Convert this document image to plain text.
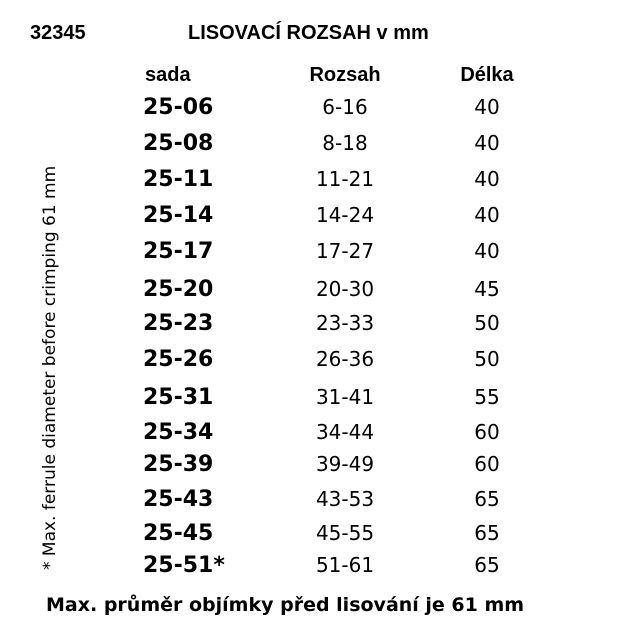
32345	LISOVACÍ ROZSAH v mm
sada	Rozsah	Délka
25-06	6-16	40
25-08	8-18	40
25-11	11-21	40
25-14	14-24	40
25-17	17-27	40
25-20	20-30	45
25-23	23-33	50
25-26	26-36	50
25-31	31-41	55
25-34	34-44	60
25-39	39-49	60
25-43	43-53	65
25-45	45-55	65
25-51*	51-61	65
* Max. ferrule diameter before crimping 61 mm
Max. průměr objímky před lisování je 61 mm
